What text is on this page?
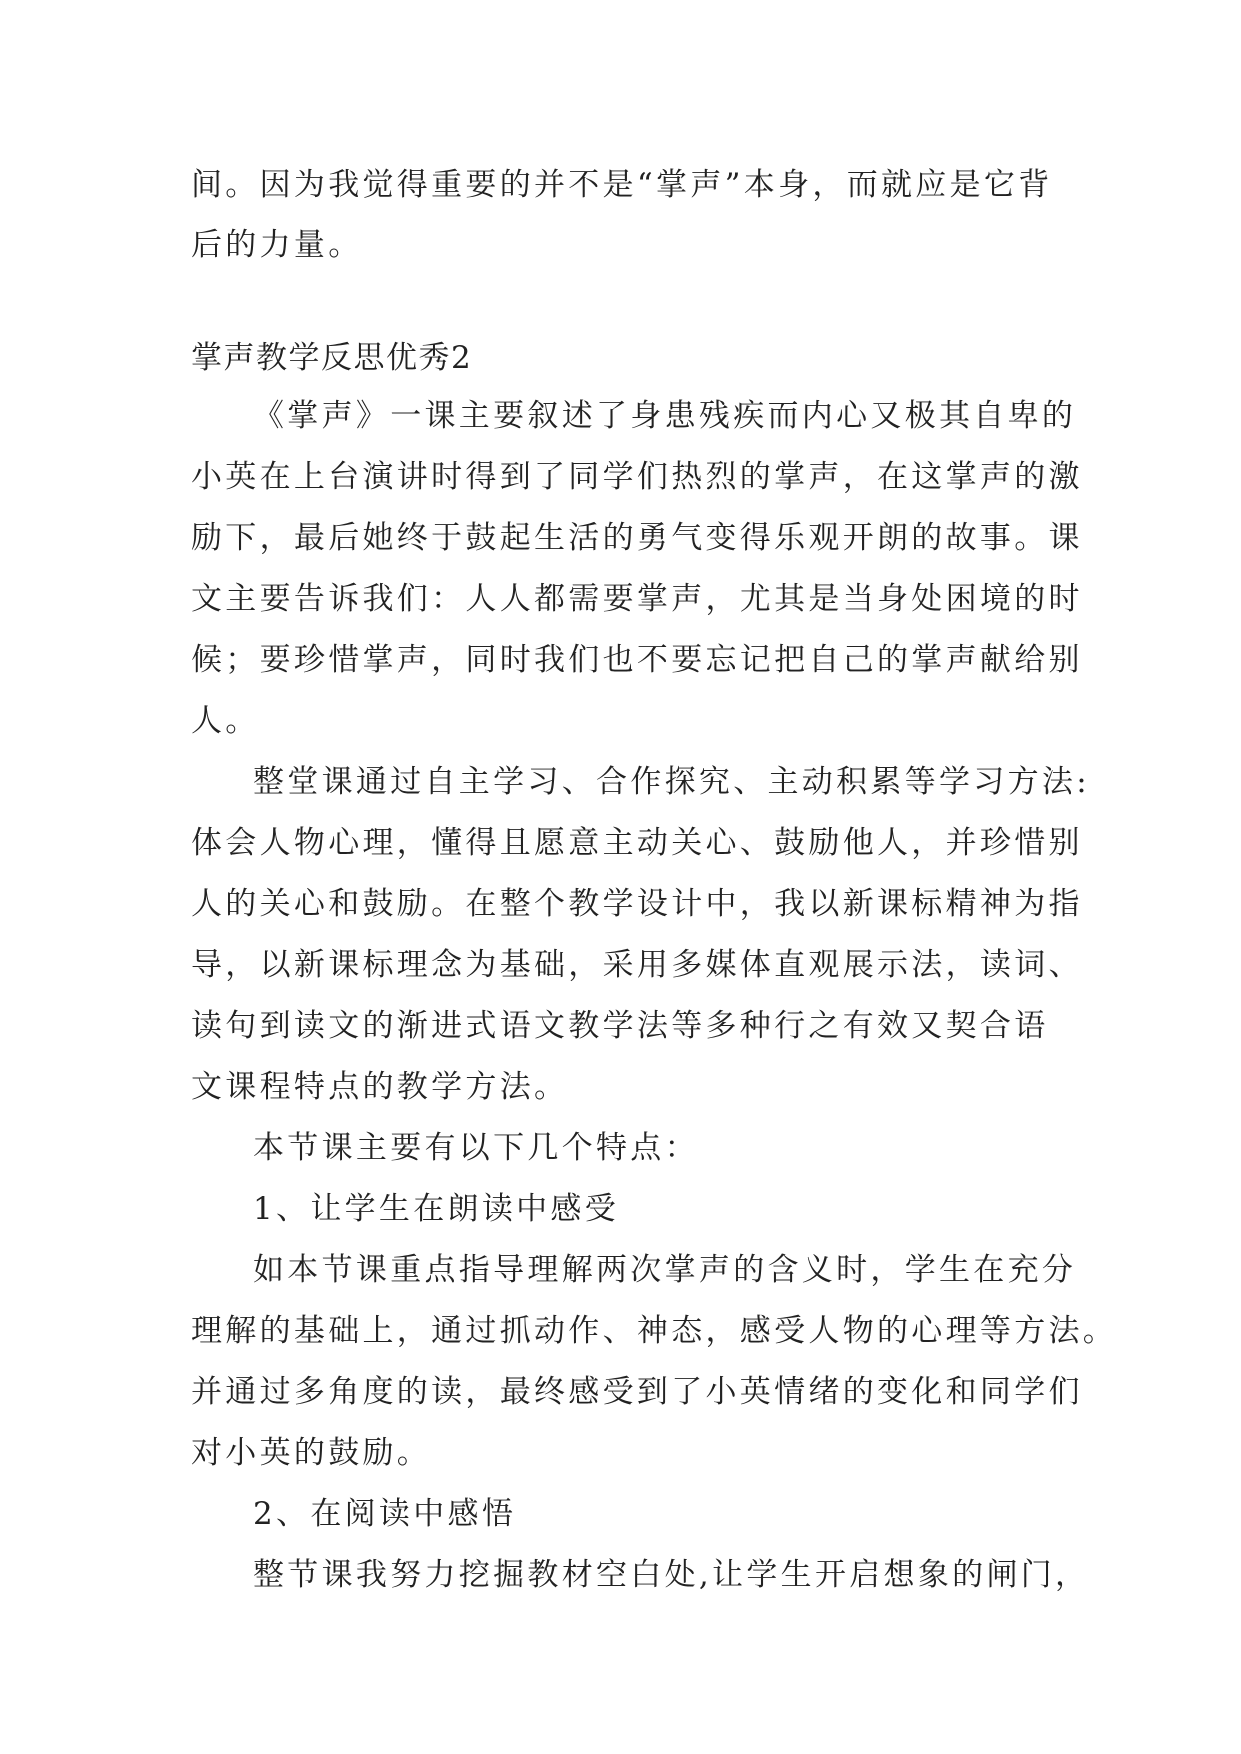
间。因为我觉得重要的并不是“掌声”本身，而就应是它背
后的力量。
掌声教学反思优秀2
《掌声》一课主要叙述了身患残疾而内心又极其自卑的
小英在上台演讲时得到了同学们热烈的掌声，在这掌声的激
励下，最后她终于鼓起生活的勇气变得乐观开朗的故事。课
文主要告诉我们：人人都需要掌声，尤其是当身处困境的时
候；要珍惜掌声，同时我们也不要忘记把自己的掌声献给别
人。
整堂课通过自主学习、合作探究、主动积累等学习方法:
体会人物心理，懂得且愿意主动关心、鼓励他人，并珍惜别
人的关心和鼓励。在整个教学设计中，我以新课标精神为指
导，以新课标理念为基础，采用多媒体直观展示法，读词、
读句到读文的渐进式语文教学法等多种行之有效又契合语
文课程特点的教学方法。
本节课主要有以下几个特点：
1、让学生在朗读中感受
如本节课重点指导理解两次掌声的含义时，学生在充分
理解的基础上，通过抓动作、神态，感受人物的心理等方法。
并通过多角度的读，最终感受到了小英情绪的变化和同学们
对小英的鼓励。
2、在阅读中感悟
整节课我努力挖掘教材空白处,让学生开启想象的闸门，
